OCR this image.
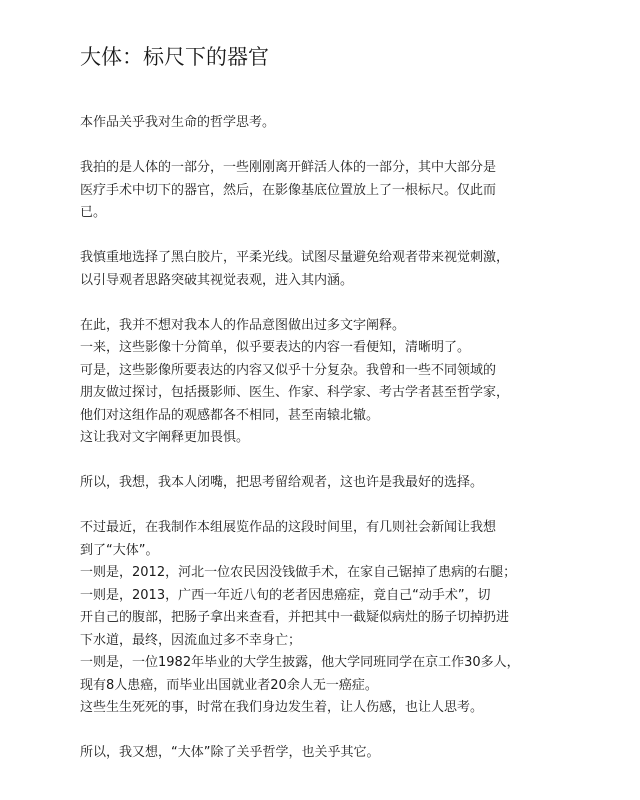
大体：标尺下的器官

本作品关乎我对生命的哲学思考。

我拍的是人体的一部分，一些刚刚离开鲜活人体的一部分，其中大部分是
医疗手术中切下的器官，然后，在影像基底位置放上了一根标尺。仅此而
已。

我慎重地选择了黑白胶片，平柔光线。试图尽量避免给观者带来视觉刺激，
以引导观者思路突破其视觉表观，进入其内涵。

在此，我并不想对我本人的作品意图做出过多文字阐释。
一来，这些影像十分简单，似乎要表达的内容一看便知，清晰明了。
可是，这些影像所要表达的内容又似乎十分复杂。我曾和一些不同领域的
朋友做过探讨，包括摄影师、医生、作家、科学家、考古学者甚至哲学家，
他们对这组作品的观感都各不相同，甚至南辕北辙。
这让我对文字阐释更加畏惧。

所以，我想，我本人闭嘴，把思考留给观者，这也许是我最好的选择。

不过最近，在我制作本组展览作品的这段时间里，有几则社会新闻让我想
到了“大体”。
一则是，2012，河北一位农民因没钱做手术，在家自己锯掉了患病的右腿；
一则是，2013，广西一年近八旬的老者因患癌症，竟自己“动手术”，切
开自己的腹部，把肠子拿出来查看，并把其中一截疑似病灶的肠子切掉扔进
下水道，最终，因流血过多不幸身亡；
一则是，一位1982年毕业的大学生披露，他大学同班同学在京工作30多人，
现有8人患癌，而毕业出国就业者20余人无一癌症。
这些生生死死的事，时常在我们身边发生着，让人伤感，也让人思考。

所以，我又想，“大体”除了关乎哲学，也关乎其它。
